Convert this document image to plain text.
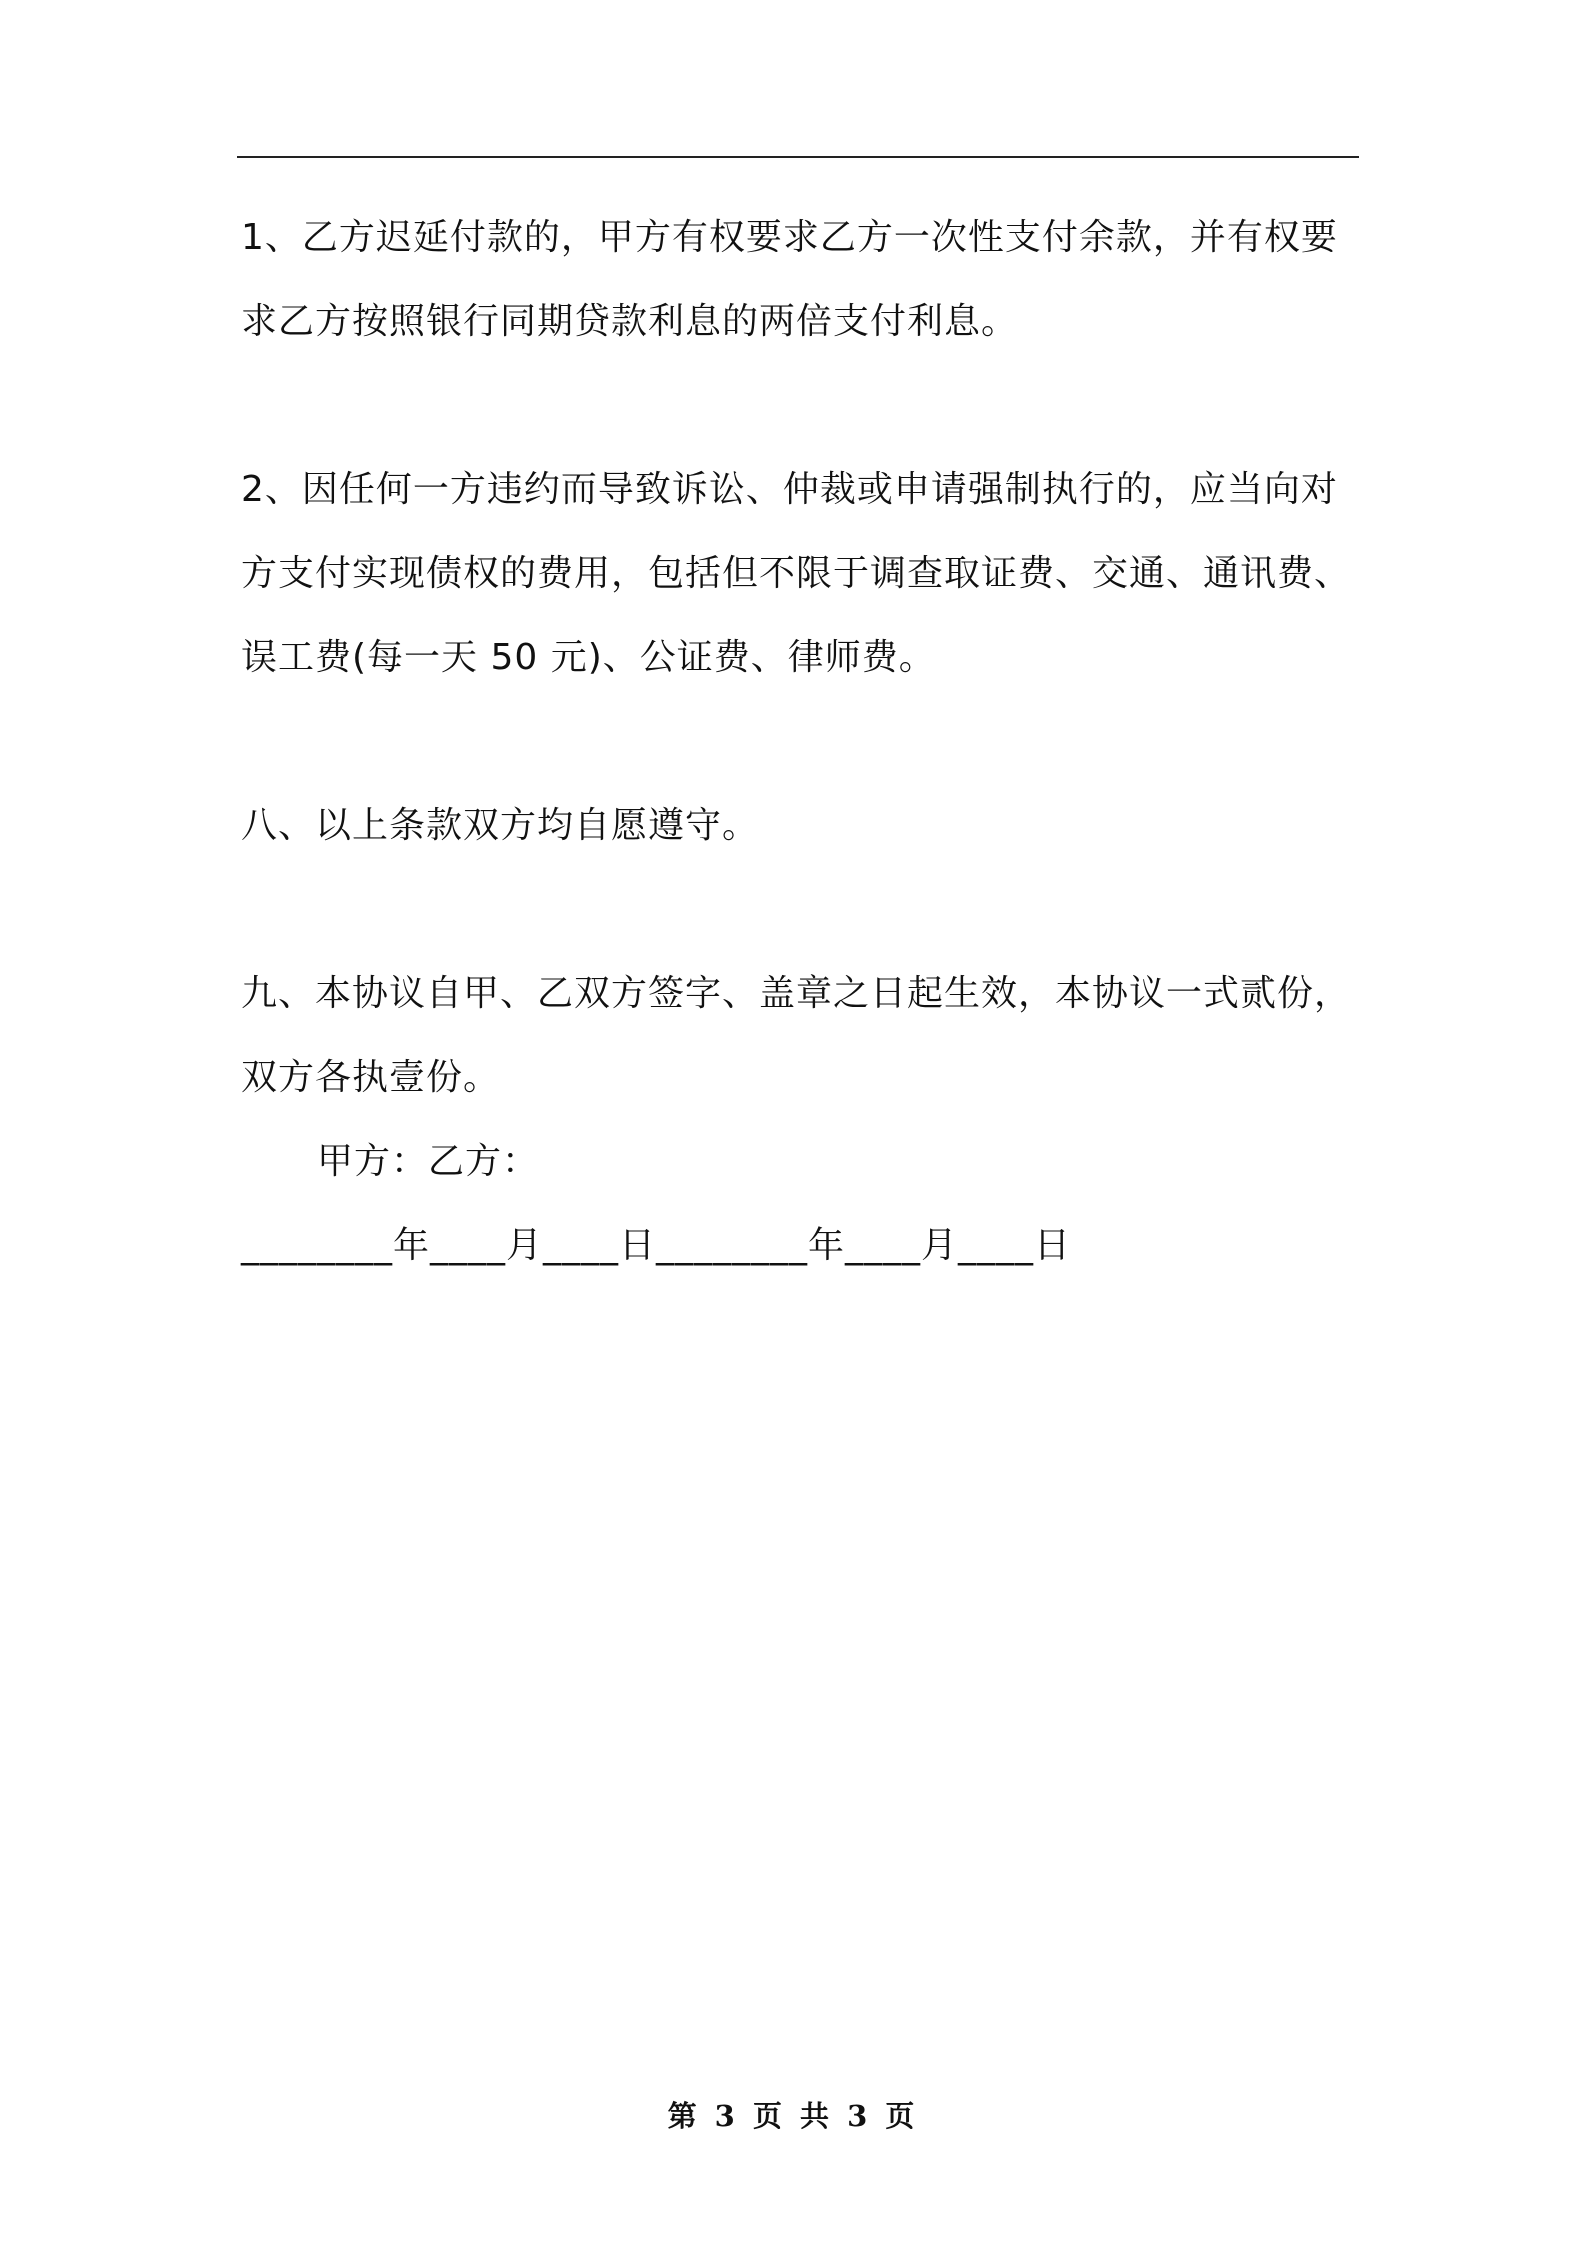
1、乙方迟延付款的，甲方有权要求乙方一次性支付余款，并有权要

求乙方按照银行同期贷款利息的两倍支付利息。

2、因任何一方违约而导致诉讼、仲裁或申请强制执行的，应当向对

方支付实现债权的费用，包括但不限于调查取证费、交通、通讯费、

误工费(每一天 50 元)、公证费、律师费。

八、以上条款双方均自愿遵守。

九、本协议自甲、乙双方签字、盖章之日起生效，本协议一式贰份，

双方各执壹份。

甲方：乙方：

________年____月____日________年____月____日

第 3 页 共 3 页
